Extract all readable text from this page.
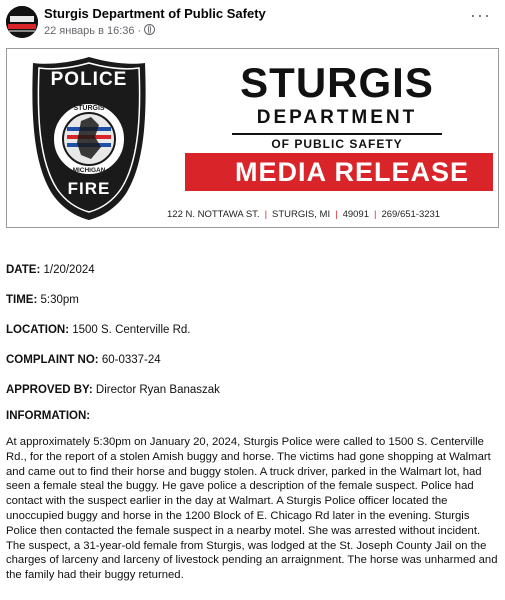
Sturgis Department of Public Safety
22 январь в 16:36 ·
···
MEDIA RELEASE
POLICE
STURGIS
MICHIGAN
FIRE
STURGIS
DEPARTMENT
OF PUBLIC SAFETY
122 N. NOTTAWA ST. | STURGIS, MI | 49091 | 269/651-3231
DATE: 1/20/2024
TIME: 5:30pm
LOCATION: 1500 S. Centerville Rd.
COMPLAINT NO: 60-0337-24
APPROVED BY: Director Ryan Banaszak
INFORMATION:
At approximately 5:30pm on January 20, 2024, Sturgis Police were called to 1500 S. Centerville Rd., for the report of a stolen Amish buggy and horse. The victims had gone shopping at Walmart and came out to find their horse and buggy stolen. A truck driver, parked in the Walmart lot, had seen a female steal the buggy. He gave police a description of the female suspect. Police had contact with the suspect earlier in the day at Walmart. A Sturgis Police officer located the unoccupied buggy and horse in the 1200 Block of E. Chicago Rd later in the evening. Sturgis Police then contacted the female suspect in a nearby motel. She was arrested without incident. The suspect, a 31-year-old female from Sturgis, was lodged at the St. Joseph County Jail on the charges of larceny and larceny of livestock pending an arraignment. The horse was unharmed and the family had their buggy returned.
